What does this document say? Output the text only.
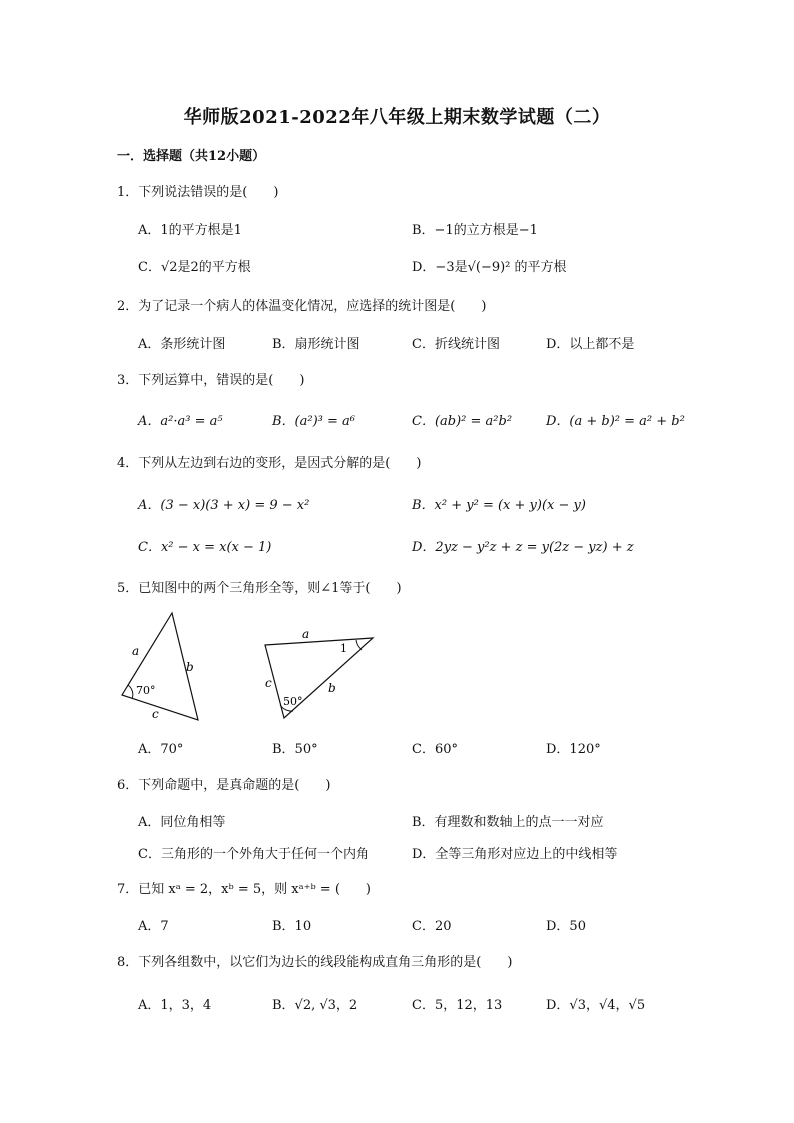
华师版2021-2022年八年级上期末数学试题（二）
一．选择题（共12小题）
1．下列说法错误的是(　　)
A．1的平方根是1	B．−1的立方根是−1
C．√2是2的平方根	D．−3是√(−9)² 的平方根
2．为了记录一个病人的体温变化情况，应选择的统计图是(　　)
A．条形统计图	B．扇形统计图	C．折线统计图	D．以上都不是
3．下列运算中，错误的是(　　)
A．a²·a³ = a⁵	B．(a²)³ = a⁶	C．(ab)² = a²b²	D．(a + b)² = a² + b²
4．下列从左边到右边的变形，是因式分解的是(　　)
A．(3 − x)(3 + x) = 9 − x²	B．x² + y² = (x + y)(x − y)
C．x² − x = x(x − 1)	D．2yz − y²z + z = y(2z − yz) + z
5．已知图中的两个三角形全等，则∠1等于(　　)
a
b
c
70°
a
b
c
1
50°
A．70°	B．50°	C．60°	D．120°
6．下列命题中，是真命题的是(　　)
A．同位角相等	B．有理数和数轴上的点一一对应
C．三角形的一个外角大于任何一个内角	D．全等三角形对应边上的中线相等
7．已知 xᵃ = 2，xᵇ = 5，则 xᵃ⁺ᵇ = (　　)
A．7	B．10	C．20	D．50
8．下列各组数中，以它们为边长的线段能构成直角三角形的是(　　)
A．1，3，4	B．√2, √3，2	C．5，12，13	D．√3，√4，√5
